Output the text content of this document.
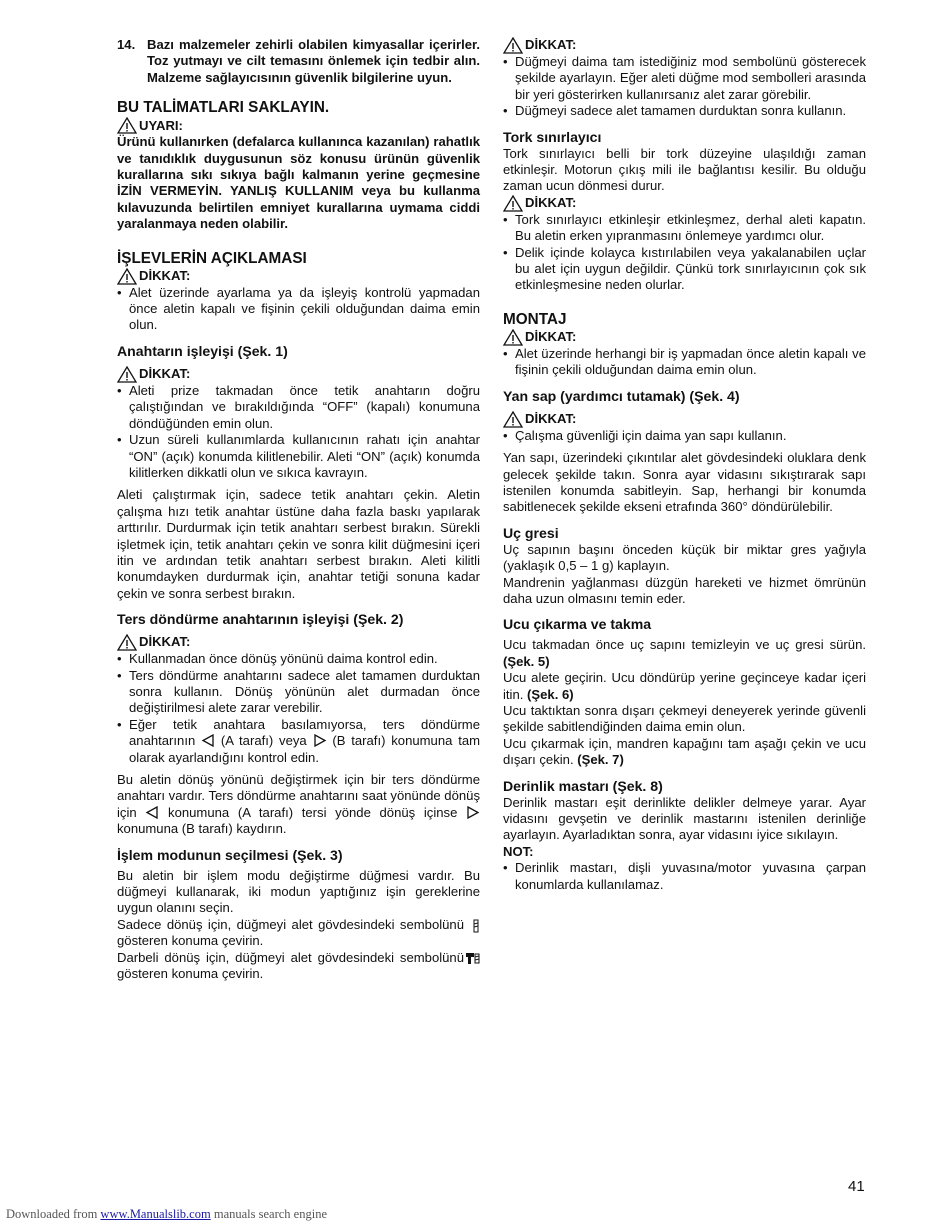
14. Bazı malzemeler zehirli olabilen kimyasallar içerirler. Toz yutmayı ve cilt temasını önlemek için tedbir alın. Malzeme sağlayıcısının güvenlik bilgilerine uyun.
BU TALİMATLARI SAKLAYIN.
UYARI:

Ürünü kullanırken (defalarca kullanınca kazanılan) rahatlık ve tanıdıklık duygusunun söz konusu ürünün güvenlik kurallarına sıkı sıkıya bağlı kalmanın yerine geçmesine İZİN VERMEYİN. YANLIŞ KULLANIM veya bu kullanma kılavuzunda belirtilen emniyet kurallarına uymama ciddi yaralanmaya neden olabilir.

İŞLEVLERİN AÇIKLAMASI
DİKKAT:
• Alet üzerinde ayarlama ya da işleyiş kontrolü yapmadan önce aletin kapalı ve fişinin çekili olduğundan daima emin olun.
Anahtarın işleyişi (Şek. 1)
DİKKAT:
• Aleti prize takmadan önce tetik anahtarın doğru çalıştığından ve bırakıldığında “OFF” (kapalı) konumuna döndüğünden emin olun.
• Uzun süreli kullanımlarda kullanıcının rahatı için anahtar “ON” (açık) konumda kilitlenebilir. Aleti “ON” (açık) konumda kilitlerken dikkatli olun ve sıkıca kavrayın.

Aleti çalıştırmak için, sadece tetik anahtarı çekin. Aletin çalışma hızı tetik anahtar üstüne daha fazla baskı yapılarak arttırılır. Durdurmak için tetik anahtarı serbest bırakın. Sürekli işletmek için, tetik anahtarı çekin ve sonra kilit düğmesini içeri itin ve ardından tetik anahtarı serbest bırakın. Aleti kilitli konumdayken durdurmak için, anahtar tetiği sonuna kadar çekin ve sonra serbest bırakın.

Ters döndürme anahtarının işleyişi (Şek. 2)
DİKKAT:
• Kullanmadan önce dönüş yönünü daima kontrol edin.
• Ters döndürme anahtarını sadece alet tamamen durduktan sonra kullanın. Dönüş yönünün alet durmadan önce değiştirilmesi alete zarar verebilir.
• Eğer tetik anahtara basılamıyorsa, ters döndürme anahtarının (A tarafı) veya (B tarafı) konumuna tam olarak ayarlandığını kontrol edin.

Bu aletin dönüş yönünü değiştirmek için bir ters döndürme anahtarı vardır. Ters döndürme anahtarını saat yönünde dönüş için konumuna (A tarafı) tersi yönde dönüş içinse  konumuna (B tarafı) kaydırın.

İşlem modunun seçilmesi (Şek. 3)

Bu aletin bir işlem modu değiştirme düğmesi vardır. Bu düğmeyi kullanarak, iki modun yaptığınız işin gereklerine uygun olanını seçin.

Sadece dönüş için, düğmeyi alet gövdesindeki sembolünü gösteren konuma çevirin.

Darbeli dönüş için, düğmeyi alet gövdesindeki sembolünü gösteren konuma çevirin.

DİKKAT:
• Düğmeyi daima tam istediğiniz mod sembolünü gösterecek şekilde ayarlayın. Eğer aleti düğme mod sembolleri arasında bir yeri gösterirken kullanırsanız alet zarar görebilir.
• Düğmeyi sadece alet tamamen durduktan sonra kullanın.
Tork sınırlayıcı

Tork sınırlayıcı belli bir tork düzeyine ulaşıldığı zaman etkinleşir. Motorun çıkış mili ile bağlantısı kesilir. Bu olduğu zaman ucun dönmesi durur.

DİKKAT:
• Tork sınırlayıcı etkinleşir etkinleşmez, derhal aleti kapatın. Bu aletin erken yıpranmasını önlemeye yardımcı olur.
• Delik içinde kolayca kıstırılabilen veya yakalanabilen uçlar bu alet için uygun değildir. Çünkü tork sınırlayıcının çok sık etkinleşmesine neden olurlar.
MONTAJ
DİKKAT:
• Alet üzerinde herhangi bir iş yapmadan önce aletin kapalı ve fişinin çekili olduğundan daima emin olun.
Yan sap (yardımcı tutamak) (Şek. 4)
DİKKAT:
• Çalışma güvenliği için daima yan sapı kullanın.

Yan sapı, üzerindeki çıkıntılar alet gövdesindeki oluklara denk gelecek şekilde takın. Sonra ayar vidasını sıkıştırarak sapı istenilen konumda sabitleyin. Sap, herhangi bir konumda sabitlenecek şekilde ekseni etrafında 360° döndürülebilir.

Uç gresi

Uç sapının başını önceden küçük bir miktar gres yağıyla (yaklaşık 0,5 – 1 g) kaplayın.

Mandrenin yağlanması düzgün hareketi ve hizmet ömrünün daha uzun olmasını temin eder.

Ucu çıkarma ve takma

Ucu takmadan önce uç sapını temizleyin ve uç gresi sürün. (Şek. 5)

Ucu alete geçirin. Ucu döndürüp yerine geçinceye kadar içeri itin. (Şek. 6)

Ucu taktıktan sonra dışarı çekmeyi deneyerek yerinde güvenli şekilde sabitlendiğinden daima emin olun.

Ucu çıkarmak için, mandren kapağını tam aşağı çekin ve ucu dışarı çekin. (Şek. 7)

Derinlik mastarı (Şek. 8)

Derinlik mastarı eşit derinlikte delikler delmeye yarar. Ayar vidasını gevşetin ve derinlik mastarını istenilen derinliğe ayarlayın. Ayarladıktan sonra, ayar vidasını iyice sıkılayın.

NOT:
• Derinlik mastarı, dişli yuvasına/motor yuvasına çarpan konumlarda kullanılamaz.
41
Downloaded from www.Manualslib.com manuals search engine
